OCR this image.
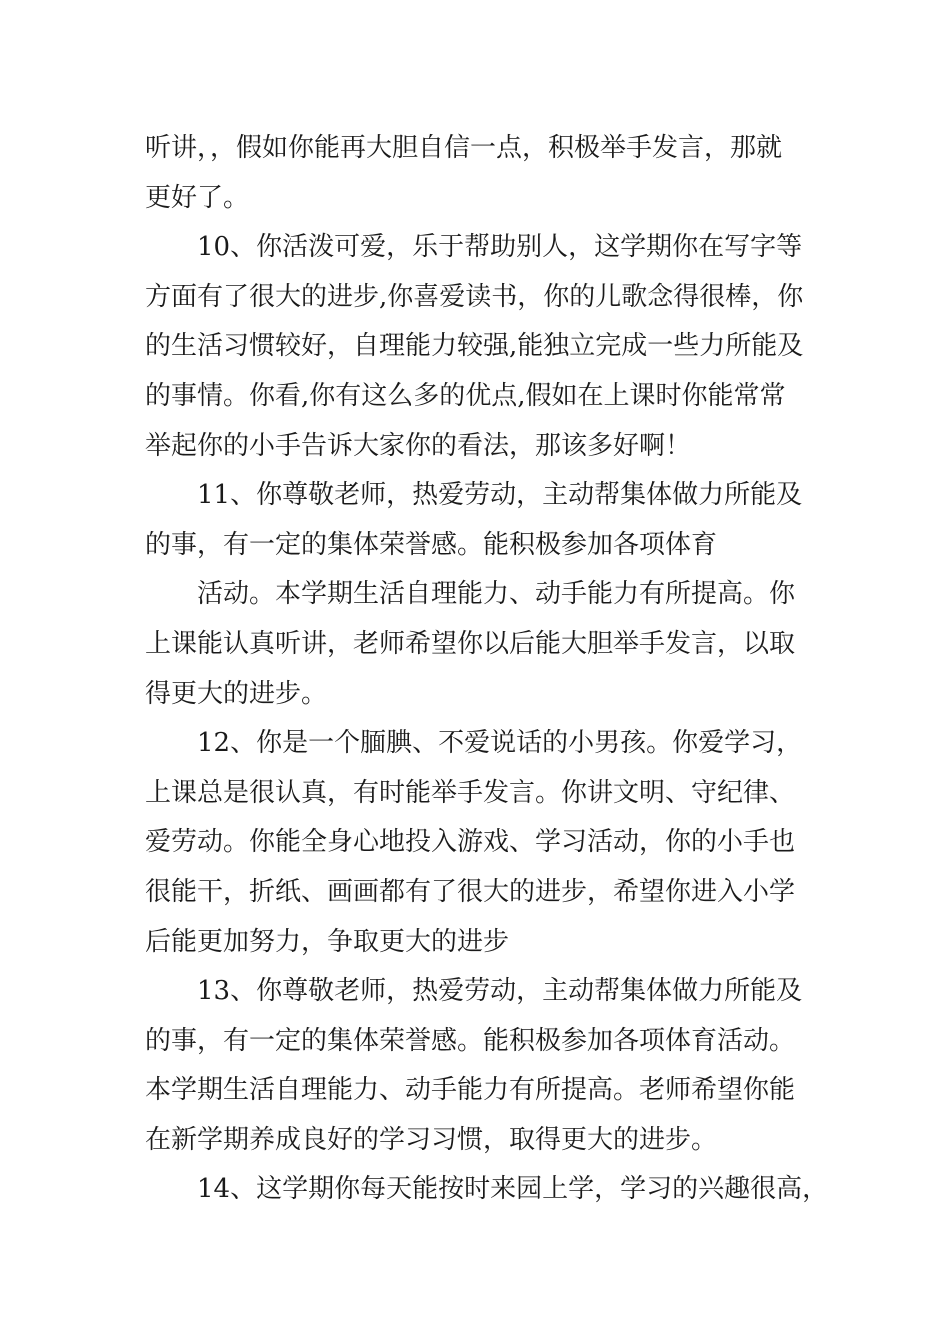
听讲，，假如你能再大胆自信一点，积极举手发言，那就
更好了。
10、你活泼可爱，乐于帮助别人，这学期你在写字等
方面有了很大的进步,你喜爱读书，你的儿歌念得很棒，你
的生活习惯较好，自理能力较强,能独立完成一些力所能及
的事情。你看,你有这么多的优点,假如在上课时你能常常
举起你的小手告诉大家你的看法，那该多好啊！
11、你尊敬老师，热爱劳动，主动帮集体做力所能及
的事，有一定的集体荣誉感。能积极参加各项体育
活动。本学期生活自理能力、动手能力有所提高。你
上课能认真听讲，老师希望你以后能大胆举手发言，以取
得更大的进步。
12、你是一个腼腆、不爱说话的小男孩。你爱学习，
上课总是很认真，有时能举手发言。你讲文明、守纪律、
爱劳动。你能全身心地投入游戏、学习活动，你的小手也
很能干，折纸、画画都有了很大的进步，希望你进入小学
后能更加努力，争取更大的进步
13、你尊敬老师，热爱劳动，主动帮集体做力所能及
的事，有一定的集体荣誉感。能积极参加各项体育活动。
本学期生活自理能力、动手能力有所提高。老师希望你能
在新学期养成良好的学习习惯，取得更大的进步。
14、这学期你每天能按时来园上学，学习的兴趣很高，
